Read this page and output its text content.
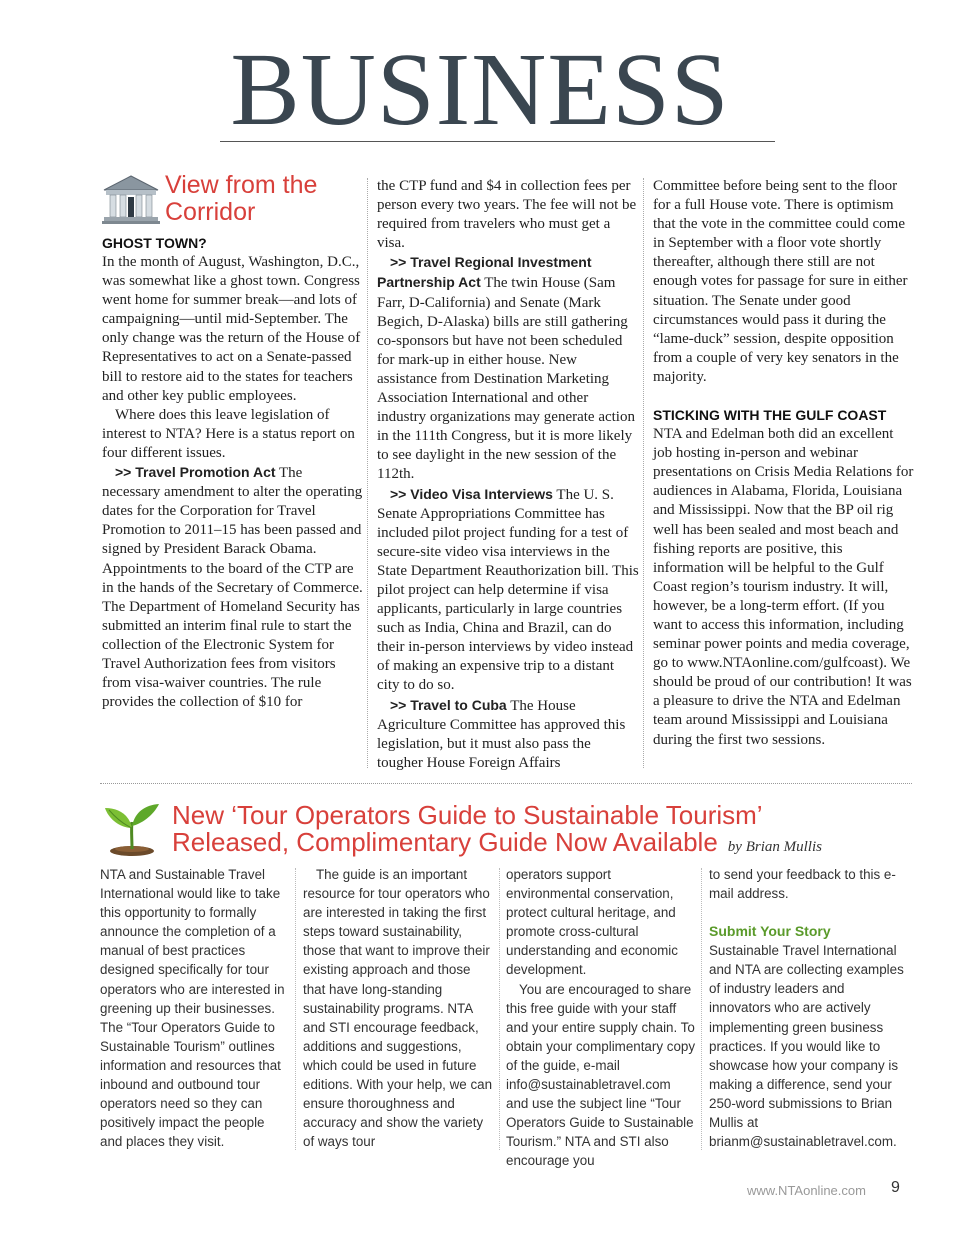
BUSINESS
View from the
Corridor

GHOST TOWN?

In the month of August, Washington, D.C., was somewhat like a ghost town. Congress went home for summer break—and lots of campaigning—until mid-September. The only change was the return of the House of Representatives to act on a Senate-passed bill to restore aid to the states for teachers and other key public employees.

Where does this leave legislation of interest to NTA? Here is a status report on four different issues.

>> Travel Promotion Act The necessary amendment to alter the operating dates for the Corporation for Travel Promotion to 2011–15 has been passed and signed by President Barack Obama. Appointments to the board of the CTP are in the hands of the Secretary of Commerce. The Department of Homeland Security has submitted an interim final rule to start the collection of the Electronic System for Travel Authorization fees from visitors from visa-waiver countries. The rule provides the collection of $10 for

the CTP fund and $4 in collection fees per person every two years. The fee will not be required from travelers who must get a visa.

>> Travel Regional Investment Partnership Act The twin House (Sam Farr, D-California) and Senate (Mark Begich, D-Alaska) bills are still gathering co-sponsors but have not been scheduled for mark-up in either house. New assistance from Destination Marketing Association International and other industry organizations may generate action in the 111th Congress, but it is more likely to see daylight in the new session of the 112th.

>> Video Visa Interviews The U. S. Senate Appropriations Committee has included pilot project funding for a test of secure-site video visa interviews in the State Department Reauthorization bill. This pilot project can help determine if visa applicants, particularly in large countries such as India, China and Brazil, can do their in-person interviews by video instead of making an expensive trip to a distant city to do so.

>> Travel to Cuba The House Agriculture Committee has approved this legislation, but it must also pass the tougher House Foreign Affairs

Committee before being sent to the floor for a full House vote. There is optimism that the vote in the committee could come in September with a floor vote shortly thereafter, although there still are not enough votes for passage for sure in either situation. The Senate under good circumstances would pass it during the “lame-duck” session, despite opposition from a couple of very key senators in the majority.

STICKING WITH THE GULF COAST

NTA and Edelman both did an excellent job hosting in-person and webinar presentations on Crisis Media Relations for audiences in Alabama, Florida, Louisiana and Mississippi. Now that the BP oil rig well has been sealed and most beach and fishing reports are positive, this information will be helpful to the Gulf Coast region’s tourism industry. It will, however, be a long-term effort. (If you want to access this information, including seminar power points and media coverage, go to www.NTAonline.com/gulfcoast). We should be proud of our contribution! It was a pleasure to drive the NTA and Edelman team around Mississippi and Louisiana during the first two sessions.

New ‘Tour Operators Guide to Sustainable Tourism’
Released, Complimentary Guide Now Available by Brian Mullis

NTA and Sustainable Travel International would like to take this opportunity to formally announce the completion of a manual of best practices designed specifically for tour operators who are interested in greening up their businesses. The “Tour Operators Guide to Sustainable Tourism” outlines information and resources that inbound and outbound tour operators need so they can positively impact the people and places they visit.

The guide is an important resource for tour operators who are interested in taking the first steps toward sustainability, those that want to improve their existing approach and those that have long-standing sustainability programs. NTA and STI encourage feedback, additions and suggestions, which could be used in future editions. With your help, we can ensure thoroughness and accuracy and show the variety of ways tour

operators support environmental conservation, protect cultural heritage, and promote cross-cultural understanding and economic development.

You are encouraged to share this free guide with your staff and your entire supply chain. To obtain your complimentary copy of the guide, e-mail info@sustainabletravel.com and use the subject line “Tour Operators Guide to Sustainable Tourism.” NTA and STI also encourage you

to send your feedback to this e-mail address.

Submit Your Story

Sustainable Travel International and NTA are collecting examples of industry leaders and innovators who are actively implementing green business practices. If you would like to showcase how your company is making a difference, send your 250-word submissions to Brian Mullis at brianm@sustainabletravel.com.

www.NTAonline.com 9
